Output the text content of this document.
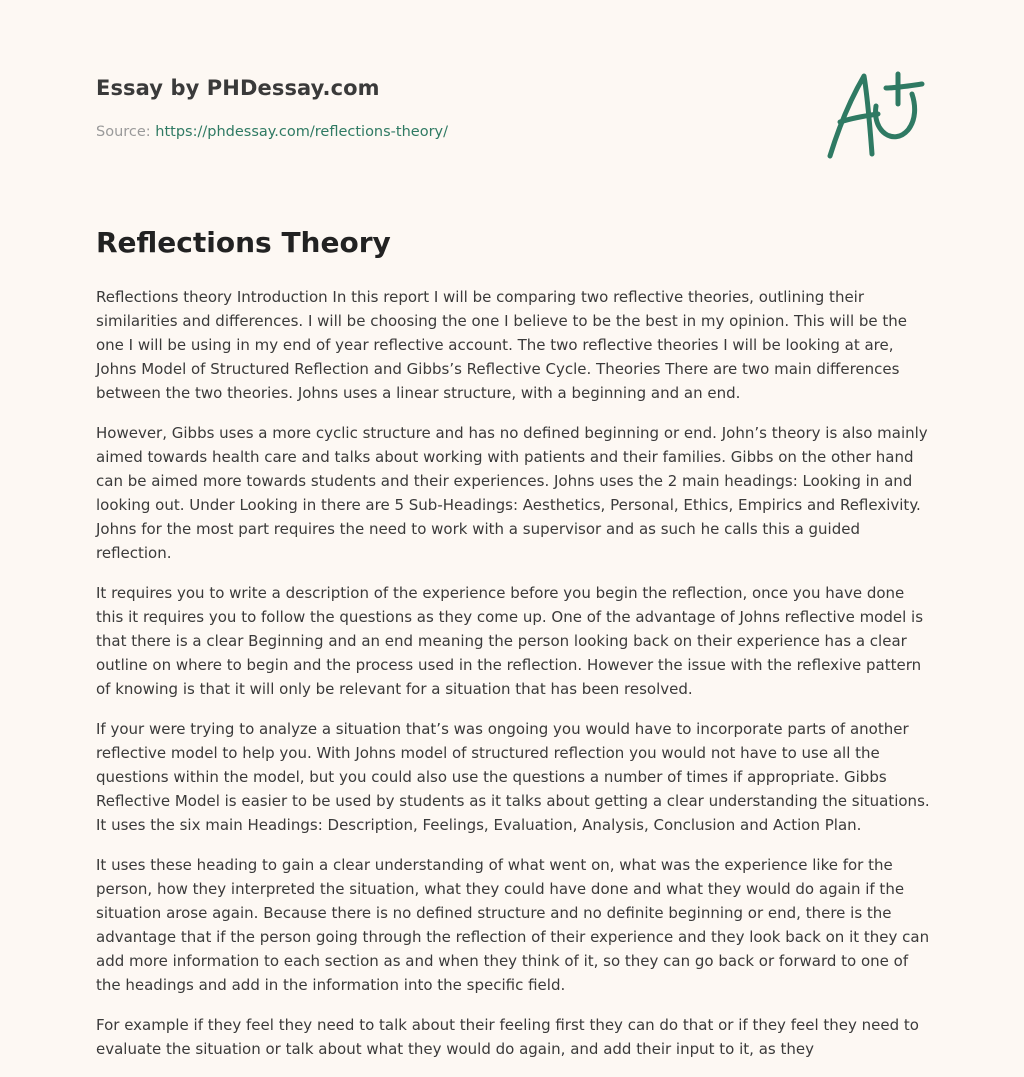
Essay by PHDessay.com
Source: https://phdessay.com/reflections-theory/
Reflections Theory

Reflections theory Introduction In this report I will be comparing two reflective theories, outlining their similarities and differences. I will be choosing the one I believe to be the best in my opinion. This will be the one I will be using in my end of year reflective account. The two reflective theories I will be looking at are, Johns Model of Structured Reflection and Gibbs’s Reflective Cycle. Theories There are two main differences between the two theories. Johns uses a linear structure, with a beginning and an end.

However, Gibbs uses a more cyclic structure and has no defined beginning or end. John’s theory is also mainly aimed towards health care and talks about working with patients and their families. Gibbs on the other hand can be aimed more towards students and their experiences. Johns uses the 2 main headings: Looking in and looking out. Under Looking in there are 5 Sub-Headings: Aesthetics, Personal, Ethics, Empirics and Reflexivity. Johns for the most part requires the need to work with a supervisor and as such he calls this a guided reflection.

It requires you to write a description of the experience before you begin the reflection, once you have done this it requires you to follow the questions as they come up. One of the advantage of Johns reflective model is that there is a clear Beginning and an end meaning the person looking back on their experience has a clear outline on where to begin and the process used in the reflection. However the issue with the reflexive pattern of knowing is that it will only be relevant for a situation that has been resolved.

If your were trying to analyze a situation that’s was ongoing you would have to incorporate parts of another reflective model to help you. With Johns model of structured reflection you would not have to use all the questions within the model, but you could also use the questions a number of times if appropriate. Gibbs Reflective Model is easier to be used by students as it talks about getting a clear understanding the situations. It uses the six main Headings: Description, Feelings, Evaluation, Analysis, Conclusion and Action Plan.

It uses these heading to gain a clear understanding of what went on, what was the experience like for the person, how they interpreted the situation, what they could have done and what they would do again if the situation arose again. Because there is no defined structure and no definite beginning or end, there is the advantage that if the person going through the reflection of their experience and they look back on it they can add more information to each section as and when they think of it, so they can go back or forward to one of the headings and add in the information into the specific field.

For example if they feel they need to talk about their feeling first they can do that or if they feel they need to evaluate the situation or talk about what they would do again, and add their input to it, as they
